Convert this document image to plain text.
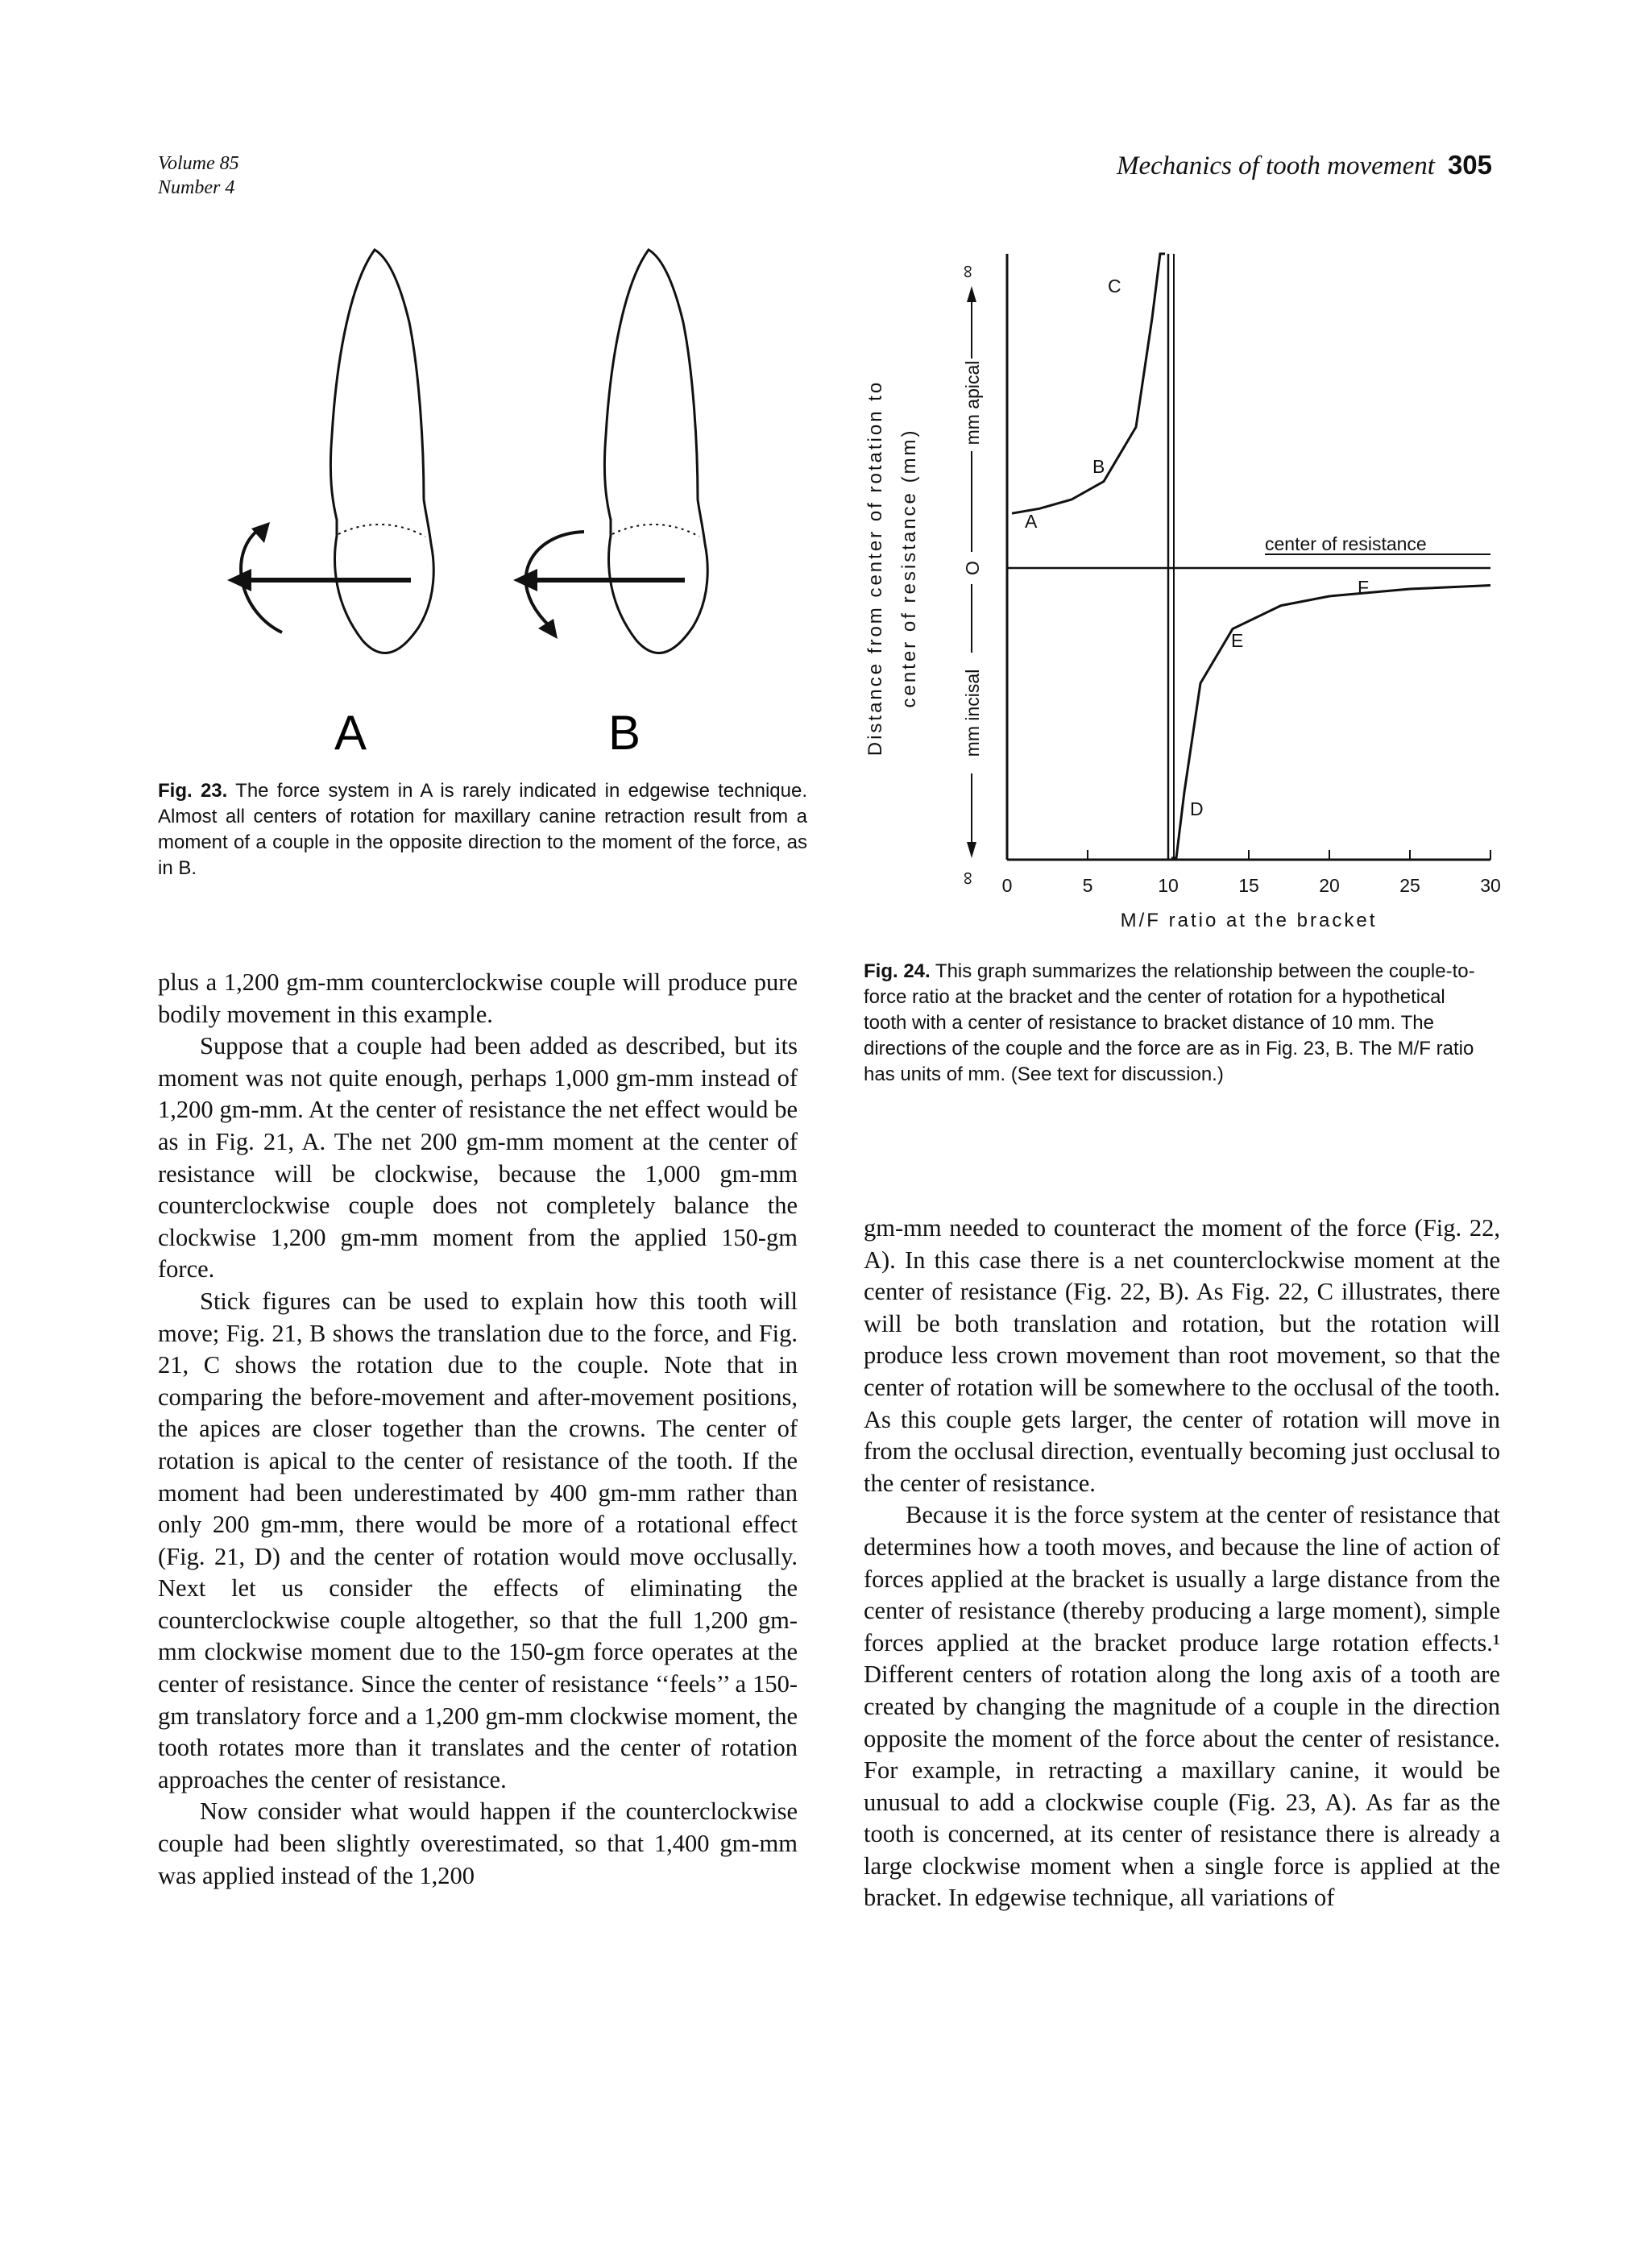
Volume 85
Number 4
Mechanics of tooth movement 305
A	B
Fig. 23. The force system in A is rarely indicated in edgewise technique. Almost all centers of rotation for maxillary canine retraction result from a moment of a couple in the opposite direction to the moment of the force, as in B.
center of resistance
C
B
A
F
E
D
∞
∞
O
mm apical
mm incisal
Distance from center of rotation to center of resistance (mm)
0	5	10	15	20	25	30
M/F ratio at the bracket
Fig. 24. This graph summarizes the relationship between the couple-to-force ratio at the bracket and the center of rotation for a hypothetical tooth with a center of resistance to bracket distance of 10 mm. The directions of the couple and the force are as in Fig. 23, B. The M/F ratio has units of mm. (See text for discussion.)

plus a 1,200 gm-mm counterclockwise couple will produce pure bodily movement in this example.

Suppose that a couple had been added as described, but its moment was not quite enough, perhaps 1,000 gm-mm instead of 1,200 gm-mm. At the center of resistance the net effect would be as in Fig. 21, A. The net 200 gm-mm moment at the center of resistance will be clockwise, because the 1,000 gm-mm counterclockwise couple does not completely balance the clockwise 1,200 gm-mm moment from the applied 150-gm force.

Stick figures can be used to explain how this tooth will move; Fig. 21, B shows the translation due to the force, and Fig. 21, C shows the rotation due to the couple. Note that in comparing the before-movement and after-movement positions, the apices are closer together than the crowns. The center of rotation is apical to the center of resistance of the tooth. If the moment had been underestimated by 400 gm-mm rather than only 200 gm-mm, there would be more of a rotational effect (Fig. 21, D) and the center of rotation would move occlusally. Next let us consider the effects of eliminating the counterclockwise couple altogether, so that the full 1,200 gm-mm clockwise moment due to the 150-gm force operates at the center of resistance. Since the center of resistance ‘‘feels’’ a 150-gm translatory force and a 1,200 gm-mm clockwise moment, the tooth rotates more than it translates and the center of rotation approaches the center of resistance.

Now consider what would happen if the counterclockwise couple had been slightly overestimated, so that 1,400 gm-mm was applied instead of the 1,200

gm-mm needed to counteract the moment of the force (Fig. 22, A). In this case there is a net counterclockwise moment at the center of resistance (Fig. 22, B). As Fig. 22, C illustrates, there will be both translation and rotation, but the rotation will produce less crown movement than root movement, so that the center of rotation will be somewhere to the occlusal of the tooth. As this couple gets larger, the center of rotation will move in from the occlusal direction, eventually becoming just occlusal to the center of resistance.

Because it is the force system at the center of resistance that determines how a tooth moves, and because the line of action of forces applied at the bracket is usually a large distance from the center of resistance (thereby producing a large moment), simple forces applied at the bracket produce large rotation effects.¹ Different centers of rotation along the long axis of a tooth are created by changing the magnitude of a couple in the direction opposite the moment of the force about the center of resistance. For example, in retracting a maxillary canine, it would be unusual to add a clockwise couple (Fig. 23, A). As far as the tooth is concerned, at its center of resistance there is already a large clockwise moment when a single force is applied at the bracket. In edgewise technique, all variations of
